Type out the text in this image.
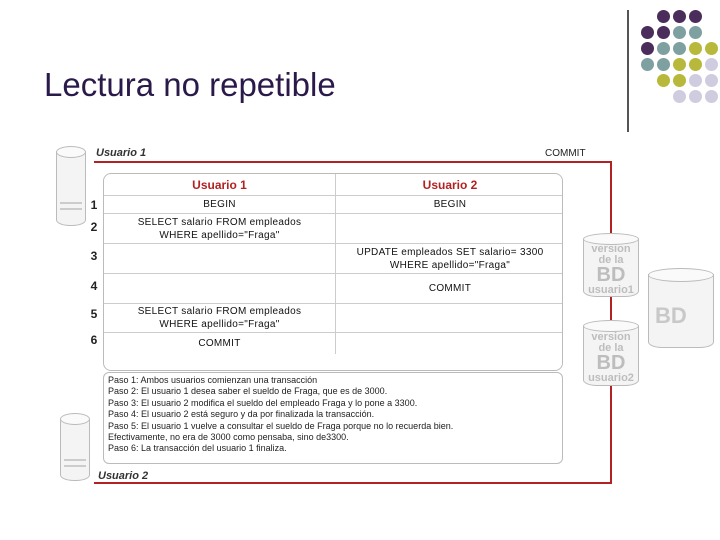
Lectura no repetible
Usuario 1
Usuario 2
COMMIT
1
2
3
4
5
6
Usuario 1	Usuario 2
BEGIN	BEGIN
SELECT salario FROM empleados WHERE apellido="Fraga"
UPDATE empleados SET salario= 3300 WHERE apellido="Fraga"
COMMIT
SELECT salario FROM empleados WHERE apellido="Fraga"
COMMIT
Paso 1: Ambos usuarios comienzan una transacción
Paso 2: El usuario 1 desea saber el sueldo de Fraga, que es de 3000.
Paso 3: El usuario 2 modifica el sueldo del empleado Fraga y lo pone a 3300.
Paso 4: El usuario 2 está seguro y da por finalizada la transacción.
Paso 5: El usuario 1 vuelve a consultar el sueldo de Fraga porque no lo recuerda bien.
Efectivamente, no era de 3000 como pensaba, sino de3300.
Paso 6: La transacción del usuario 1 finaliza.
version
de la
BD
usuario1
version
de la
BD
usuario2
BD
